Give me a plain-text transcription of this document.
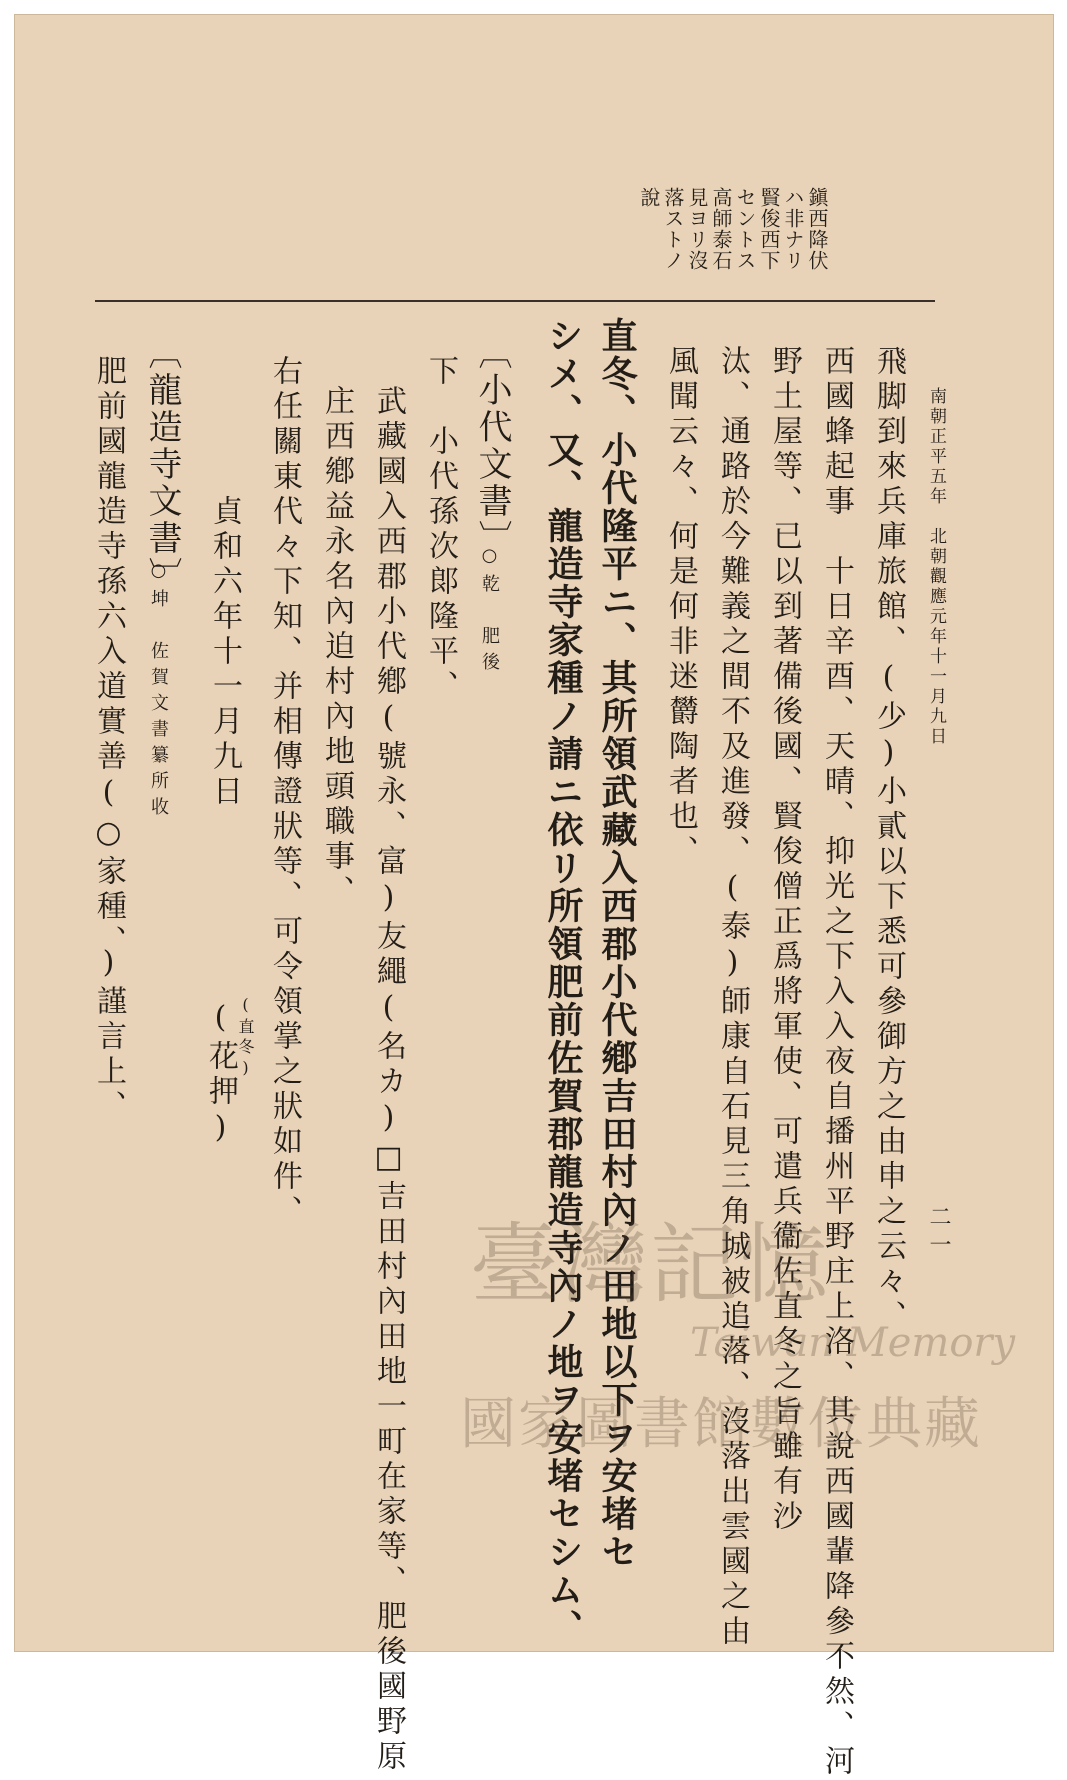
南朝正平五年　北朝觀應元年十一月九日
二一
鎭西降伏
ハ非ナリ
賢俊西下
セントス
高師泰石
見ヨリ沒
落ストノ
說
飛脚到來兵庫旅館、(少)小貳以下悉可參御方之由申之云々、
西國蜂起事　十日辛酉、天晴、抑光之下入入夜自播州平野庄上洛、其說西國輩降參不然、河
野土屋等、已以到著備後國、賢俊僧正爲將軍使、可遣兵衞佐直冬之旨雖有沙
汰、通路於今難義之間不及進發、(泰)師康自石見三角城被追落、沒落出雲國之由
風聞云々、何是何非迷欝陶者也、
直冬、小代隆平ニ、其所領武藏入西郡小代鄕吉田村內ノ田地以下ヲ安堵セ
シメ、又、龍造寺家種ノ請ニ依リ所領肥前佐賀郡龍造寺內ノ地ヲ安堵セシム、
〔小代文書〕
○乾　肥後
下　小代孫次郞隆平、
武藏國入西郡小代鄕(號永、富)友繩(名カ)□吉田村內田地一町在家等、肥後國野原
庄西鄕益永名內迫村內地頭職事、
右任關東代々下知、并相傳證狀等、可令領掌之狀如件、
貞和六年十一月九日
(直冬)
(花押)
〔龍造寺文書〕
○坤　佐賀文書纂所收
肥前國龍造寺孫六入道實善(○家種、)謹言上、
臺灣記憶
Taiwan Memory
國家圖書館數位典藏
